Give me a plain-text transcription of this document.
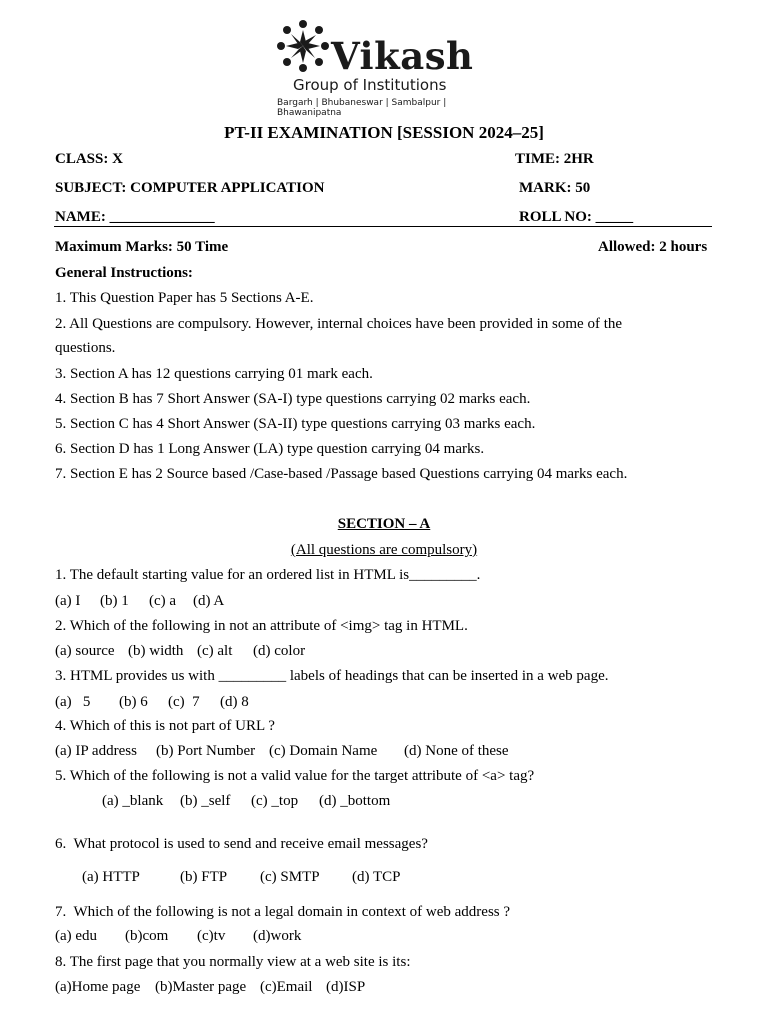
Vikash
Group of Institutions
Bargarh | Bhubaneswar | Sambalpur | Bhawanipatna
PT-II EXAMINATION [SESSION 2024–25]
CLASS: X	TIME: 2HR
SUBJECT: COMPUTER APPLICATION	MARK: 50
NAME: ______________	ROLL NO: _____
Maximum Marks: 50 Time	Allowed: 2 hours
General Instructions:
1. This Question Paper has 5 Sections A-E.
2. All Questions are compulsory. However, internal choices have been provided in some of the
questions.
3. Section A has 12 questions carrying 01 mark each.
4. Section B has 7 Short Answer (SA-I) type questions carrying 02 marks each.
5. Section C has 4 Short Answer (SA-II) type questions carrying 03 marks each.
6. Section D has 1 Long Answer (LA) type question carrying 04 marks.
7. Section E has 2 Source based /Case-based /Passage based Questions carrying 04 marks each.
SECTION – A
(All questions are compulsory)
1. The default starting value for an ordered list in HTML is_________.
(a) I (b) 1 (c) a (d) A
2. Which of the following in not an attribute of <img> tag in HTML.
(a) source (b) width (c) alt (d) color
3. HTML provides us with _________ labels of headings that can be inserted in a web page.
(a)   5 (b) 6 (c)  7 (d) 8
4. Which of this is not part of URL ?
(a) IP address (b) Port Number (c) Domain Name (d) None of these
5. Which of the following is not a valid value for the target attribute of <a> tag?
(a) _blank (b) _self (c) _top (d) _bottom
6.  What protocol is used to send and receive email messages?
(a) HTTP	(b) FTP (c) SMTP (d) TCP
7.  Which of the following is not a legal domain in context of web address ?
(a) edu (b)com (c)tv (d)work
8. The first page that you normally view at a web site is its:
(a)Home page (b)Master page (c)Email (d)ISP
